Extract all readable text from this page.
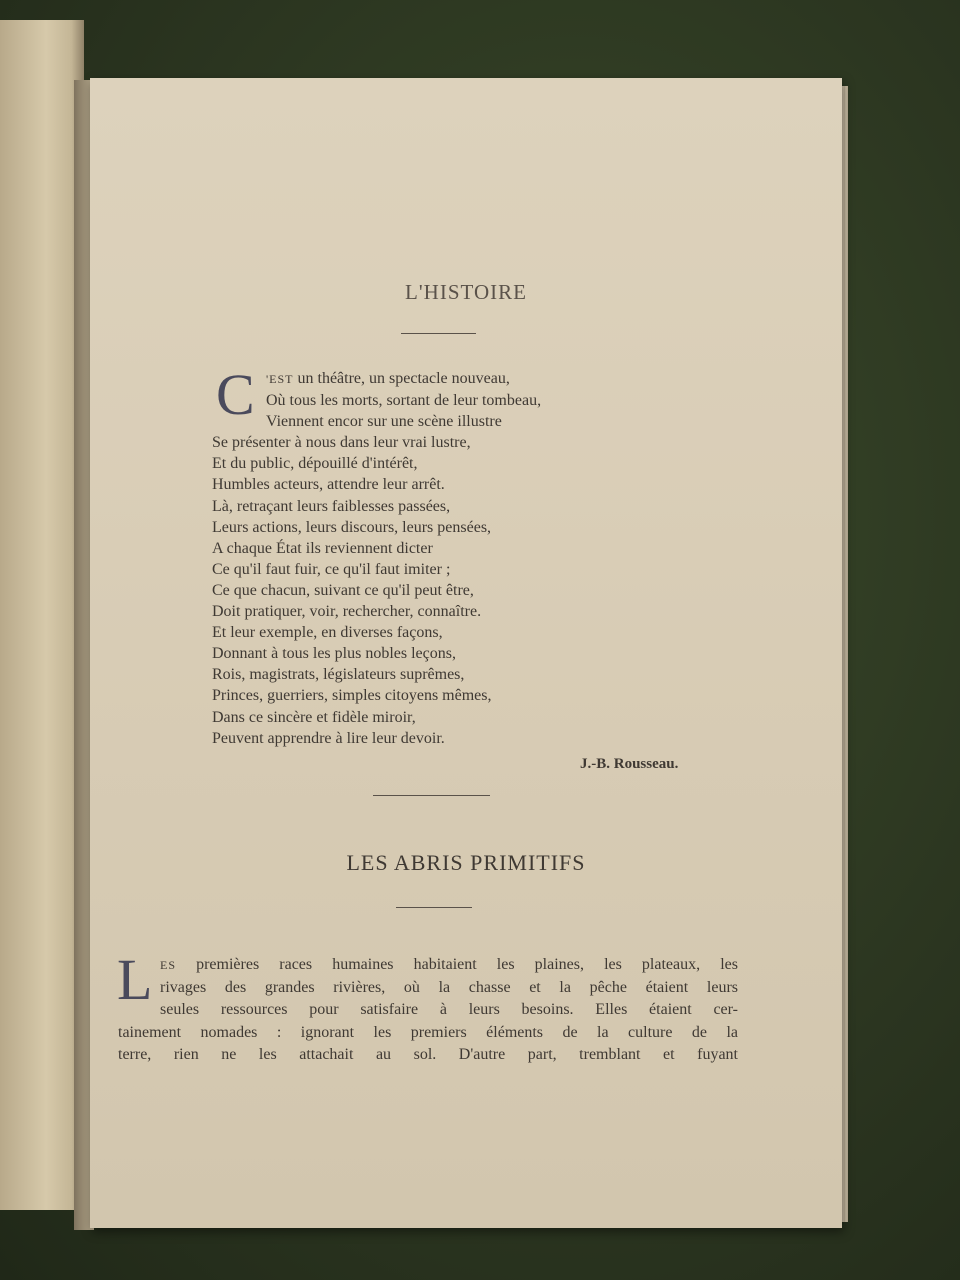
L'HISTOIRE
C 'EST un théâtre, un spectacle nouveau,
Où tous les morts, sortant de leur tombeau,
Viennent encor sur une scène illustre
Se présenter à nous dans leur vrai lustre,
Et du public, dépouillé d'intérêt,
Humbles acteurs, attendre leur arrêt.
Là, retraçant leurs faiblesses passées,
Leurs actions, leurs discours, leurs pensées,
A chaque État ils reviennent dicter
Ce qu'il faut fuir, ce qu'il faut imiter ;
Ce que chacun, suivant ce qu'il peut être,
Doit pratiquer, voir, rechercher, connaître.
Et leur exemple, en diverses façons,
Donnant à tous les plus nobles leçons,
Rois, magistrats, législateurs suprêmes,
Princes, guerriers, simples citoyens mêmes,
Dans ce sincère et fidèle miroir,
Peuvent apprendre à lire leur devoir.
J.-B. Rousseau.
LES ABRIS PRIMITIFS
L ES premières races humaines habitaient les plaines, les plateaux, les
rivages des grandes rivières, où la chasse et la pêche étaient leurs
seules ressources pour satisfaire à leurs besoins. Elles étaient cer-
tainement nomades : ignorant les premiers éléments de la culture de la
terre, rien ne les attachait au sol. D'autre part, tremblant et fuyant
